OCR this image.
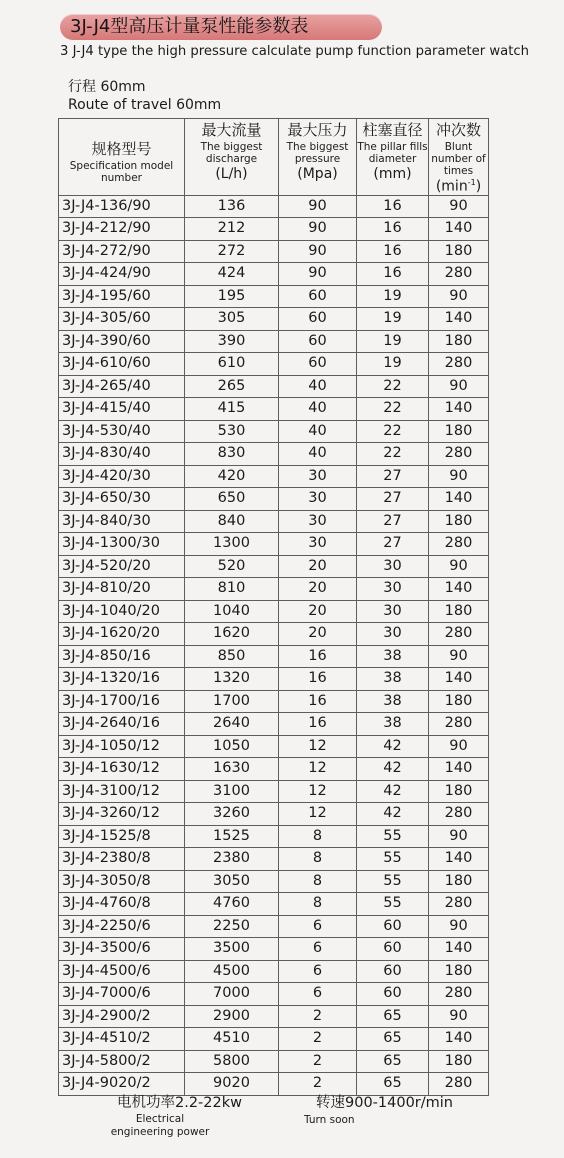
3J-J4型高压计量泵性能参数表
3 J-J4 type the high pressure calculate pump function parameter watch
行程 60mm
Route of travel 60mm
规格型号
Specification model number	最大流量
The biggest discharge
(L/h)	最大压力
The biggest pressure
(Mpa)	柱塞直径
The pillar fills diameter
(mm)	冲次数
Blunt number of times
$(\min^{-1})$

3J-J4-136/90	136	90	16	90
3J-J4-212/90	212	90	16	140
3J-J4-272/90	272	90	16	180
3J-J4-424/90	424	90	16	280
3J-J4-195/60	195	60	19	90
3J-J4-305/60	305	60	19	140
3J-J4-390/60	390	60	19	180
3J-J4-610/60	610	60	19	280
3J-J4-265/40	265	40	22	90
3J-J4-415/40	415	40	22	140
3J-J4-530/40	530	40	22	180
3J-J4-830/40	830	40	22	280
3J-J4-420/30	420	30	27	90
3J-J4-650/30	650	30	27	140
3J-J4-840/30	840	30	27	180
3J-J4-1300/30	1300	30	27	280
3J-J4-520/20	520	20	30	90
3J-J4-810/20	810	20	30	140
3J-J4-1040/20	1040	20	30	180
3J-J4-1620/20	1620	20	30	280
3J-J4-850/16	850	16	38	90
3J-J4-1320/16	1320	16	38	140
3J-J4-1700/16	1700	16	38	180
3J-J4-2640/16	2640	16	38	280
3J-J4-1050/12	1050	12	42	90
3J-J4-1630/12	1630	12	42	140
3J-J4-3100/12	3100	12	42	180
3J-J4-3260/12	3260	12	42	280
3J-J4-1525/8	1525	8	55	90
3J-J4-2380/8	2380	8	55	140
3J-J4-3050/8	3050	8	55	180
3J-J4-4760/8	4760	8	55	280
3J-J4-2250/6	2250	6	60	90
3J-J4-3500/6	3500	6	60	140
3J-J4-4500/6	4500	6	60	180
3J-J4-7000/6	7000	6	60	280
3J-J4-2900/2	2900	2	65	90
3J-J4-4510/2	4510	2	65	140
3J-J4-5800/2	5800	2	65	180
3J-J4-9020/2	9020	2	65	280
电机功率2.2-22kw
Electrical engineering power
转速900-1400r/min
Turn soon
